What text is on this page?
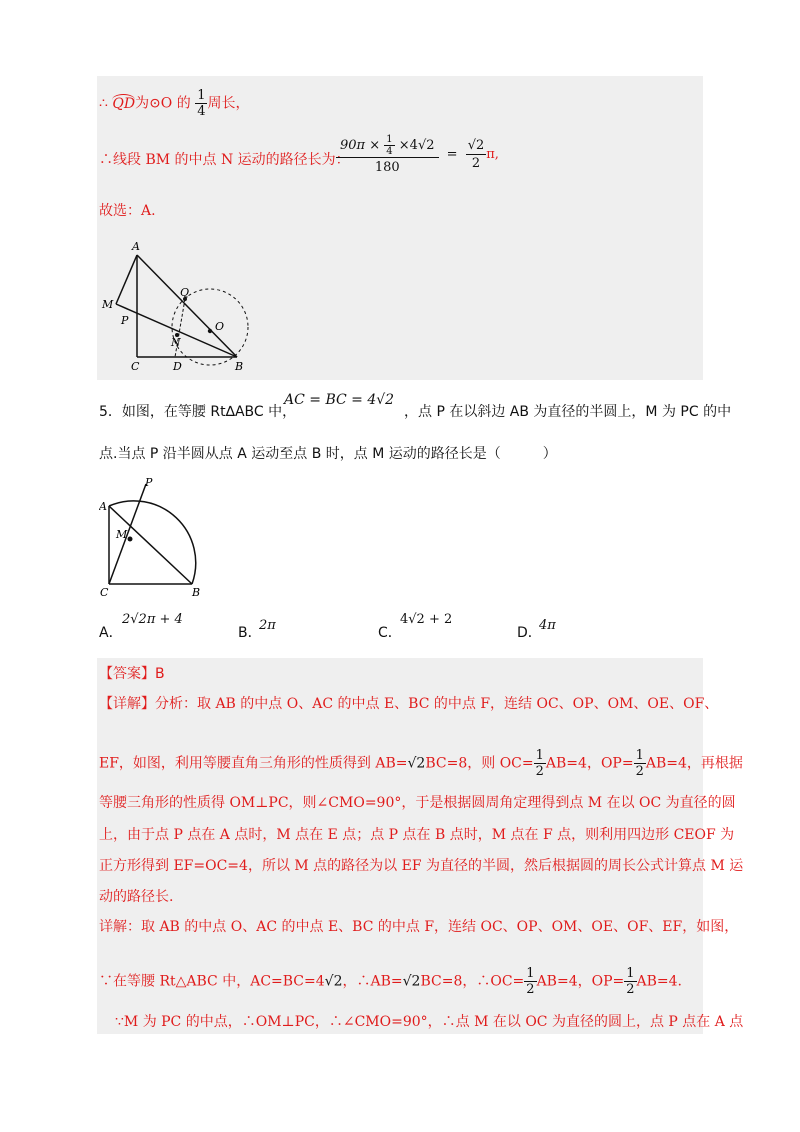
∴ QD为⊙O 的 $\frac{1}{4}$ 周长，
∴线段 BM 的中点 N 运动的路径长为：
$\frac{90\pi \times \frac{1}{4} \times 4√2}{180} = \frac{√2}{2} \pi$,
故选：A.
A
M
Q
P	O
N
C	D	B
5．如图，在等腰 Rt∆ABC 中，
AC = BC = 4√2
，点 P 在以斜边 AB 为直径的半圆上，M 为 PC 的中
点.当点 P 沿半圆从点 A 运动至点 B 时，点 M 运动的路径长是（　　　）
A
P
M
C	B
A．
2√2π + 4
B．
2π	C．
4√2 + 2
D．
4π
【答案】B
【详解】分析：取 AB 的中点 O、AC 的中点 E、BC 的中点 F，连结 OC、OP、OM、OE、OF、
EF，如图，利用等腰直角三角形的性质得到 AB=√2BC=8，则 $OC= \frac{1}{2} AB=4$，$OP= \frac{1}{2} AB=4$，再根据
等腰三角形的性质得 OM⊥PC，则∠CMO=90°，于是根据圆周角定理得到点 M 在以 OC 为直径的圆
上，由于点 P 点在 A 点时，M 点在 E 点；点 P 点在 B 点时，M 点在 F 点，则利用四边形 CEOF 为
正方形得到 EF=OC=4，所以 M 点的路径为以 EF 为直径的半圆，然后根据圆的周长公式计算点 M 运
动的路径长.
详解：取 AB 的中点 O、AC 的中点 E、BC 的中点 F，连结 OC、OP、OM、OE、OF、EF，如图，
∵在等腰 Rt△ABC 中，AC=BC=4√2，∴AB=√2BC=8，∴OC= $\frac{1}{2} AB=4$，$OP= \frac{1}{2} AB=4$.
∵M 为 PC 的中点，∴OM⊥PC，∴∠CMO=90°，∴点 M 在以 OC 为直径的圆上，点 P 点在 A 点
